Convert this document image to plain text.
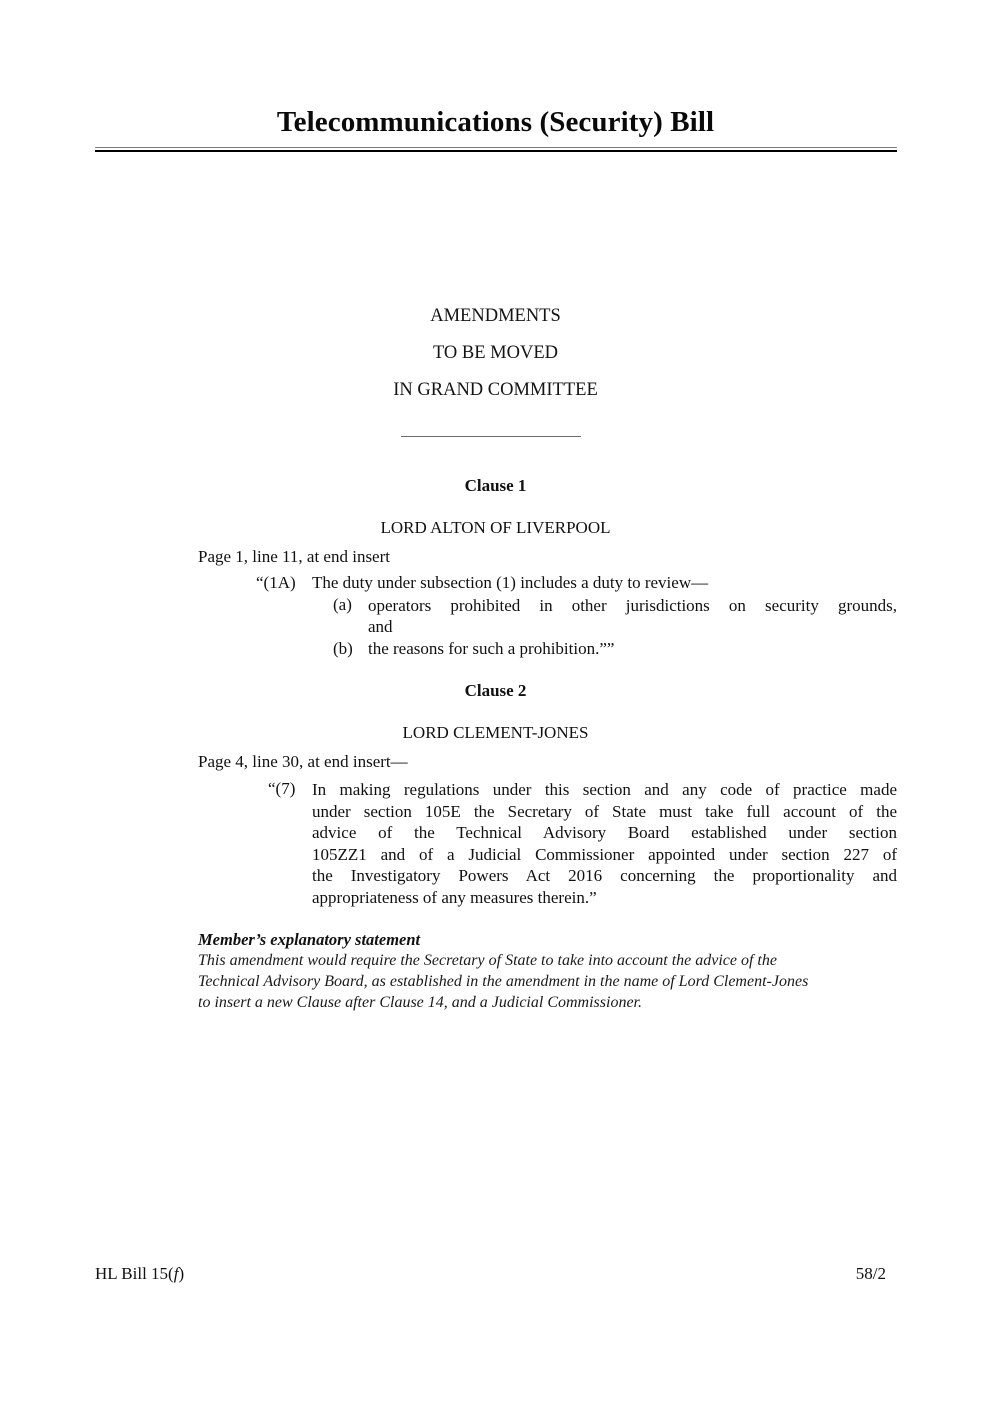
Telecommunications (Security) Bill
AMENDMENTS
TO BE MOVED
IN GRAND COMMITTEE
Clause 1
LORD ALTON OF LIVERPOOL
Page 1, line 11, at end insert
“(1A) The duty under subsection (1) includes a duty to review—
(a) operators prohibited in other jurisdictions on security grounds,
and
(b) the reasons for such a prohibition.””
Clause 2
LORD CLEMENT-JONES
Page 4, line 30, at end insert—
“(7) In making regulations under this section and any code of practice made
under section 105E the Secretary of State must take full account of the
advice of the Technical Advisory Board established under section
105ZZ1 and of a Judicial Commissioner appointed under section 227 of
the Investigatory Powers Act 2016 concerning the proportionality and
appropriateness of any measures therein.”
Member’s explanatory statement
This amendment would require the Secretary of State to take into account the advice of the
Technical Advisory Board, as established in the amendment in the name of Lord Clement-Jones
to insert a new Clause after Clause 14, and a Judicial Commissioner.
HL Bill 15(f)	58/2
